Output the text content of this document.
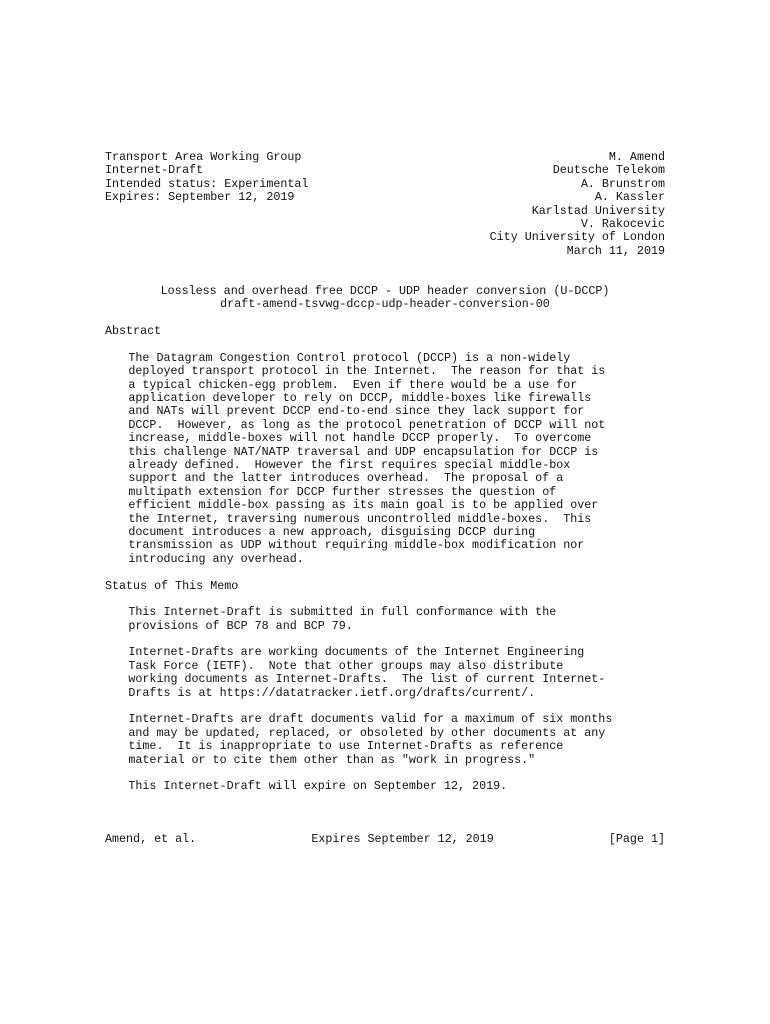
Transport Area Working Group	M. Amend
Internet-Draft	Deutsche Telekom
Intended status: Experimental	A. Brunstrom
Expires: September 12, 2019	A. Kassler
Karlstad University
V. Rakocevic
City University of London
March 11, 2019
Lossless and overhead free DCCP - UDP header conversion (U-DCCP)
draft-amend-tsvwg-dccp-udp-header-conversion-00
Abstract
The Datagram Congestion Control protocol (DCCP) is a non-widely
deployed transport protocol in the Internet.  The reason for that is
a typical chicken-egg problem.  Even if there would be a use for
application developer to rely on DCCP, middle-boxes like firewalls
and NATs will prevent DCCP end-to-end since they lack support for
DCCP.  However, as long as the protocol penetration of DCCP will not
increase, middle-boxes will not handle DCCP properly.  To overcome
this challenge NAT/NATP traversal and UDP encapsulation for DCCP is
already defined.  However the first requires special middle-box
support and the latter introduces overhead.  The proposal of a
multipath extension for DCCP further stresses the question of
efficient middle-box passing as its main goal is to be applied over
the Internet, traversing numerous uncontrolled middle-boxes.  This
document introduces a new approach, disguising DCCP during
transmission as UDP without requiring middle-box modification nor
introducing any overhead.
Status of This Memo
This Internet-Draft is submitted in full conformance with the
provisions of BCP 78 and BCP 79.
Internet-Drafts are working documents of the Internet Engineering
Task Force (IETF).  Note that other groups may also distribute
working documents as Internet-Drafts.  The list of current Internet-
Drafts is at https://datatracker.ietf.org/drafts/current/.
Internet-Drafts are draft documents valid for a maximum of six months
and may be updated, replaced, or obsoleted by other documents at any
time.  It is inappropriate to use Internet-Drafts as reference
material or to cite them other than as "work in progress."
This Internet-Draft will expire on September 12, 2019.
Amend, et al.	Expires September 12, 2019	[Page 1]
